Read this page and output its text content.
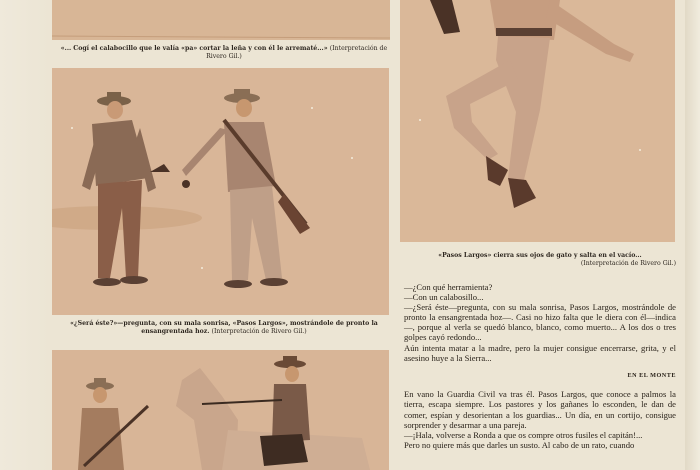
«... Cogí el calabocillo que le valía «pa» cortar la leña y con él le arrematé...» (Interpretación de Rivero Gil.)
«¿Será éste?»—pregunta, con su mala sonrisa, «Pasos Largos», mostrándole de pronto la ensangrentada hoz. (Interpretación de Rivero Gil.)
«Pasos Largos» cierra sus ojos de gato y salta en el vacío...
(Interpretación de Rivero Gil.)

—¿Con qué herramienta?

—Con un calabosillo...

—¿Será éste—pregunta, con su mala sonrisa, Pasos Largos, mostrándole de pronto la ensangrentada hoz—. Casi no hizo falta que le diera con él—indica—, porque al verla se quedó blanco, blanco, como muerto... A los dos o tres golpes cayó redondo...

Aún intenta matar a la madre, pero la mujer consigue encerrarse, grita, y el asesino huye a la Sierra...

EN EL MONTE

En vano la Guardia Civil va tras él. Pasos Largos, que conoce a palmos la tierra, escapa siempre. Los pastores y los gañanes lo esconden, le dan de comer, espían y desorientan a los guardias... Un día, en un cortijo, consigue sorprender y desarmar a una pareja.

—¡Hala, volverse a Ronda a que os compre otros fusiles el capitán!...

Pero no quiere más que darles un susto. Al cabo de un rato, cuando
